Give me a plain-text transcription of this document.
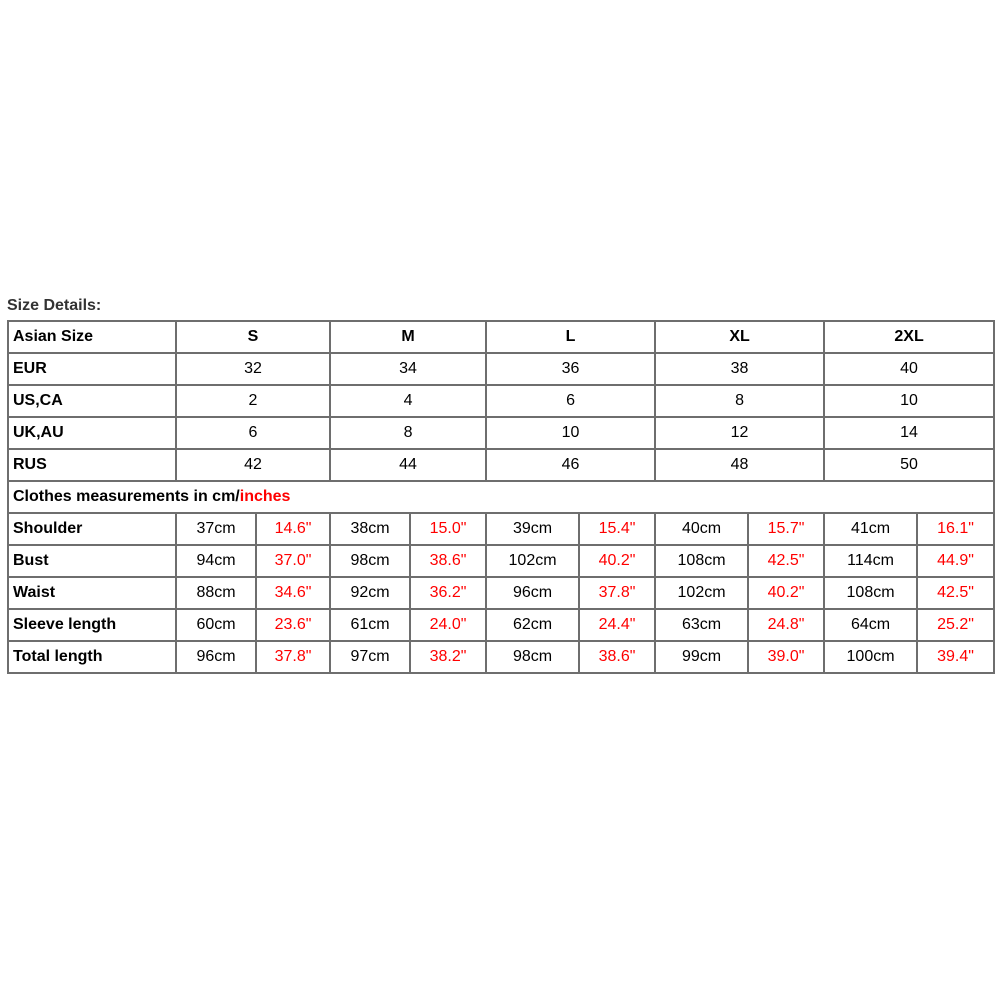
Size Details:
Asian Size	S		M		L		XL		2XL	
EUR	32		34		36		38		40	
US,CA	2		4		6		8		10	
UK,AU	6		8		10		12		14	
RUS	42		44		46		48		50	
Clothes measurements in cm/inches										
Shoulder	37cm	14.6"	38cm	15.0"	39cm	15.4"	40cm	15.7"	41cm	16.1"
Bust	94cm	37.0"	98cm	38.6"	102cm	40.2"	108cm	42.5"	114cm	44.9"
Waist	88cm	34.6"	92cm	36.2"	96cm	37.8"	102cm	40.2"	108cm	42.5"
Sleeve length	60cm	23.6"	61cm	24.0"	62cm	24.4"	63cm	24.8"	64cm	25.2"
Total length	96cm	37.8"	97cm	38.2"	98cm	38.6"	99cm	39.0"	100cm	39.4"
